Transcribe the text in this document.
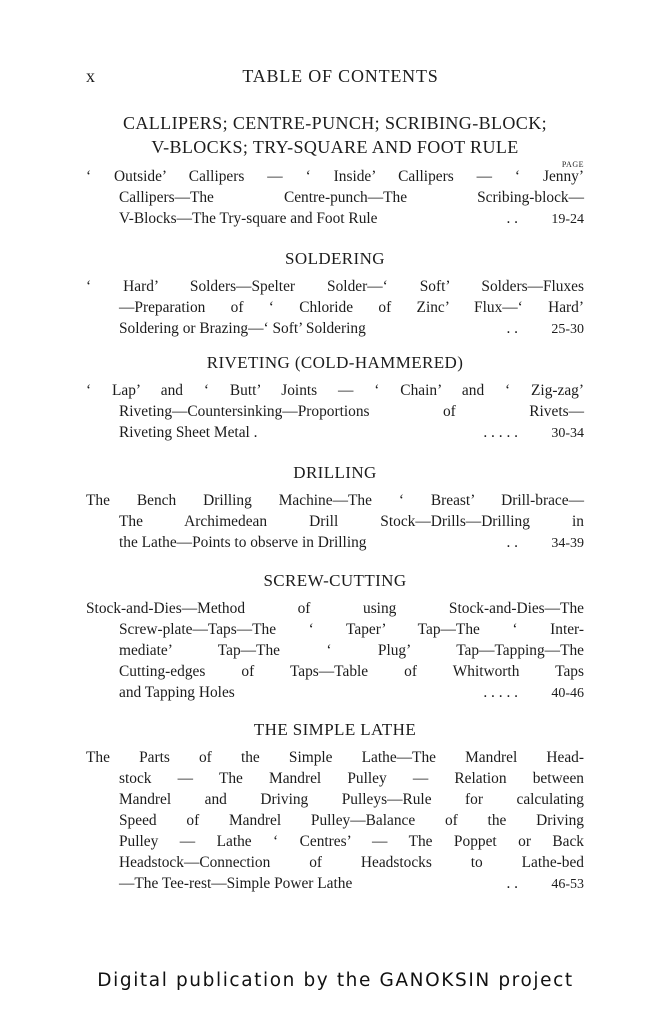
x	TABLE OF CONTENTS
CALLIPERS; CENTRE-PUNCH; SCRIBING-BLOCK;
V-BLOCKS; TRY-SQUARE AND FOOT RULE
PAGE
‘ Outside’ Callipers — ‘ Inside’ Callipers — ‘ Jenny’
Callipers—The Centre-punch—The Scribing-block—
V-Blocks—The Try-square and Foot Rule	. .	19-24
SOLDERING
‘ Hard’ Solders—Spelter Solder—‘ Soft’ Solders—Fluxes
—Preparation of ‘ Chloride of Zinc’ Flux—‘ Hard’
Soldering or Brazing—‘ Soft’ Soldering	. .	25-30
RIVETING (COLD-HAMMERED)
‘ Lap’ and ‘ Butt’ Joints — ‘ Chain’ and ‘ Zig-zag’
Riveting—Countersinking—Proportions of Rivets—
Riveting Sheet Metal .	. . . . .	30-34
DRILLING
The Bench Drilling Machine—The ‘ Breast’ Drill-brace—
The Archimedean Drill Stock—Drills—Drilling in
the Lathe—Points to observe in Drilling	. .	34-39
SCREW-CUTTING
Stock-and-Dies—Method of using Stock-and-Dies—The
Screw-plate—Taps—The ‘ Taper’ Tap—The ‘ Inter-
mediate’ Tap—The ‘ Plug’ Tap—Tapping—The
Cutting-edges of Taps—Table of Whitworth Taps
and Tapping Holes	. . . . .	40-46
THE SIMPLE LATHE
The Parts of the Simple Lathe—The Mandrel Head-
stock — The Mandrel Pulley — Relation between
Mandrel and Driving Pulleys—Rule for calculating
Speed of Mandrel Pulley—Balance of the Driving
Pulley — Lathe ‘ Centres’ — The Poppet or Back
Headstock—Connection of Headstocks to Lathe-bed
—The Tee-rest—Simple Power Lathe	. .	46-53
Digital publication by the GANOKSIN project
